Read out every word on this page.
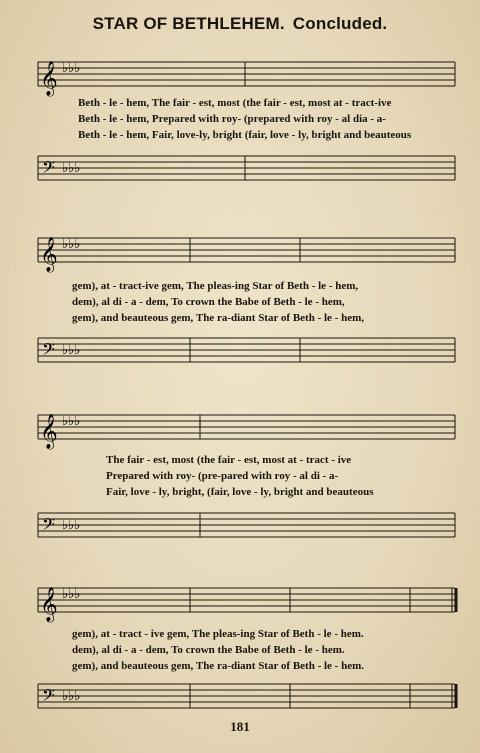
STAR OF BETHLEHEM. Concluded.
𝄞 ♭♭♭
Beth - le - hem, The fair - est, most (the fair - est, most at - tract-ive
Beth - le - hem, Prepared with roy- (prepared with roy - al dia - a-
Beth - le - hem, Fair, love-ly, bright (fair, love - ly, bright and beauteous
𝄢 ♭♭♭
𝄞 ♭♭♭
gem), at - tract-ive gem, The pleas-ing Star of Beth - le - hem,
dem), al di - a - dem, To crown the Babe of Beth - le - hem,
gem), and beauteous gem, The ra-diant Star of Beth - le - hem,
𝄢 ♭♭♭
𝄞 ♭♭♭
The fair - est, most (the fair - est, most at - tract - ive
Prepared with roy- (pre-pared with roy - al di - a-
Fair, love - ly, bright, (fair, love - ly, bright and beauteous
𝄢 ♭♭♭
𝄞 ♭♭♭
gem), at - tract - ive gem, The pleas-ing Star of Beth - le - hem.
dem), al di - a - dem, To crown the Babe of Beth - le - hem.
gem), and beauteous gem, The ra-diant Star of Beth - le - hem.
𝄢 ♭♭♭
181
